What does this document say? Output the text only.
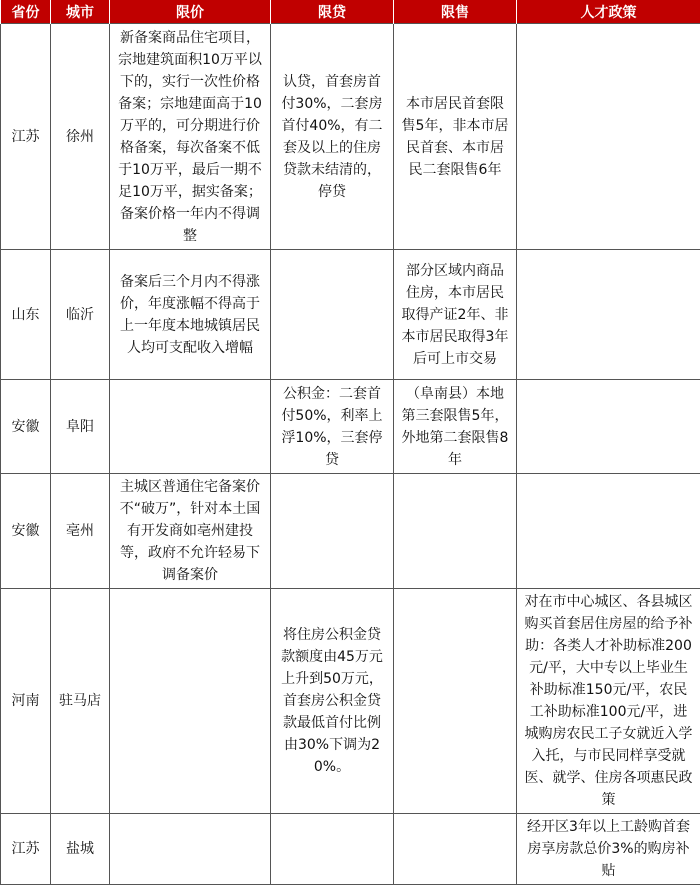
省份	城市	限价	限贷	限售	人才政策
江苏	徐州	新备案商品住宅项目，宗地建筑面积10万平以下的，实行一次性价格备案；宗地建面高于10万平的，可分期进行价格备案，每次备案不低于10万平，最后一期不足10万平，据实备案；备案价格一年内不得调整	认贷，首套房首付30%，二套房首付40%，有二套及以上的住房贷款未结清的，停贷	本市居民首套限售5年，非本市居民首套、本市居民二套限售6年	
山东	临沂	备案后三个月内不得涨价，年度涨幅不得高于上一年度本地城镇居民人均可支配收入增幅		部分区域内商品住房，本市居民取得产证2年、非本市居民取得3年后可上市交易	
安徽	阜阳		公积金：二套首付50%，利率上浮10%，三套停贷	（阜南县）本地第三套限售5年，外地第二套限售8年	
安徽	亳州	主城区普通住宅备案价不“破万”，针对本土国有开发商如亳州建投等，政府不允许轻易下调备案价			
河南	驻马店		将住房公积金贷款额度由45万元上升到50万元，首套房公积金贷款最低首付比例由30%下调为20%。		对在市中心城区、各县城区购买首套居住房屋的给予补助：各类人才补助标准200元/平，大中专以上毕业生补助标准150元/平，农民工补助标准100元/平，进城购房农民工子女就近入学入托，与市民同样享受就医、就学、住房各项惠民政策
江苏	盐城				经开区3年以上工龄购首套房享房款总价3%的购房补贴
